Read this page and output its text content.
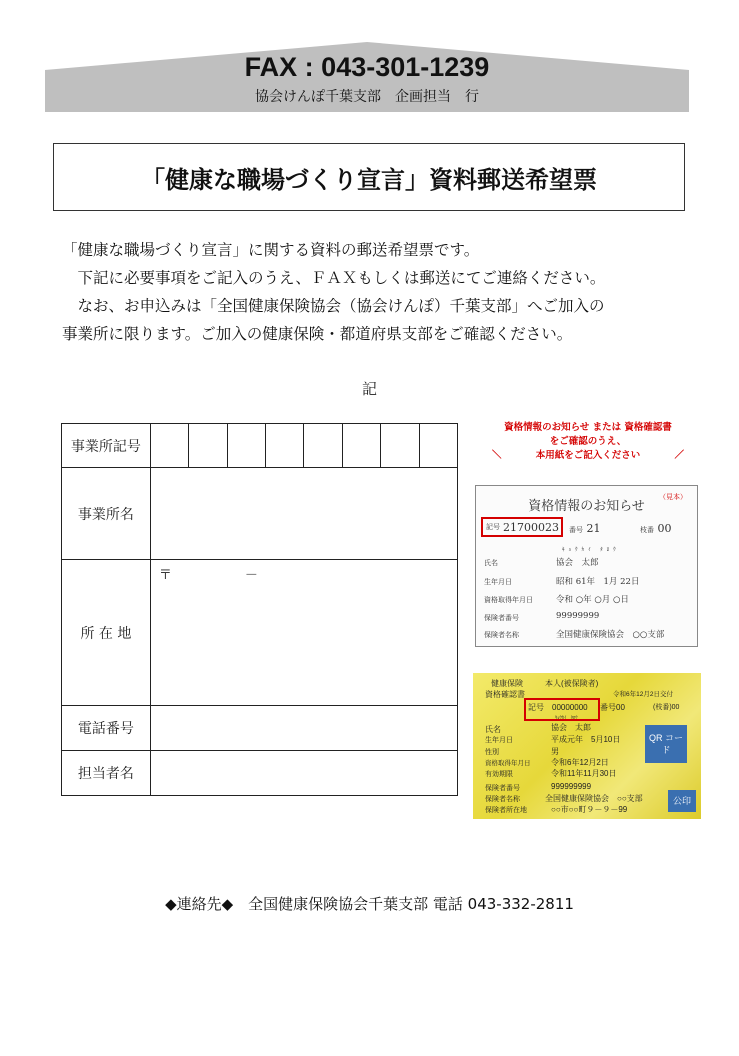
FAX : 043-301-1239
協会けんぽ千葉支部　企画担当　行
「健康な職場づくり宣言」資料郵送希望票

「健康な職場づくり宣言」に関する資料の郵送希望票です。

　下記に必要事項をご記入のうえ、ＦＡＸもしくは郵送にてご連絡ください。

　なお、お申込みは「全国健康保険協会（協会けんぽ）千葉支部」へご加入の

事業所に限ります。ご加入の健康保険・都道府県支部をご確認ください。

記
事業所記号								
事業所名								
所 在 地	〒 －							

電話番号								
担当者名								
資格情報のお知らせ または 資格確認書
をご確認のうえ、
＼	本用紙をご記入ください	／
資格情報のお知らせ
（見本）
記号 21700023 番号 21	枝番 00
ｷｮｳｶｲ ﾀﾛｳ
氏名	協会　太郎
生年月日	昭和 61年　1月 22日
資格取得年月日	令和 ○年 ○月 ○日
保険者番号	99999999
保険者名称	全国健康保険協会　○○支部
健康保険	本人(被保険者)
資格確認書	令和6年12月2日交付
記号　00000000 番号00	(枝番)00
ｷｮｳｶｲ　ﾀﾛｳ
氏名	協会　太郎
生年月日	平成元年　5月10日
性別	男
資格取得年月日	令和6年12月2日
有効期限	令和11年11月30日
保険者番号	999999999
保険者名称	全国健康保険協会　○○支部
保険者所在地	○○市○○町９－９－99
QR コード
公印
◆連絡先◆　全国健康保険協会千葉支部 電話 043-332-2811
